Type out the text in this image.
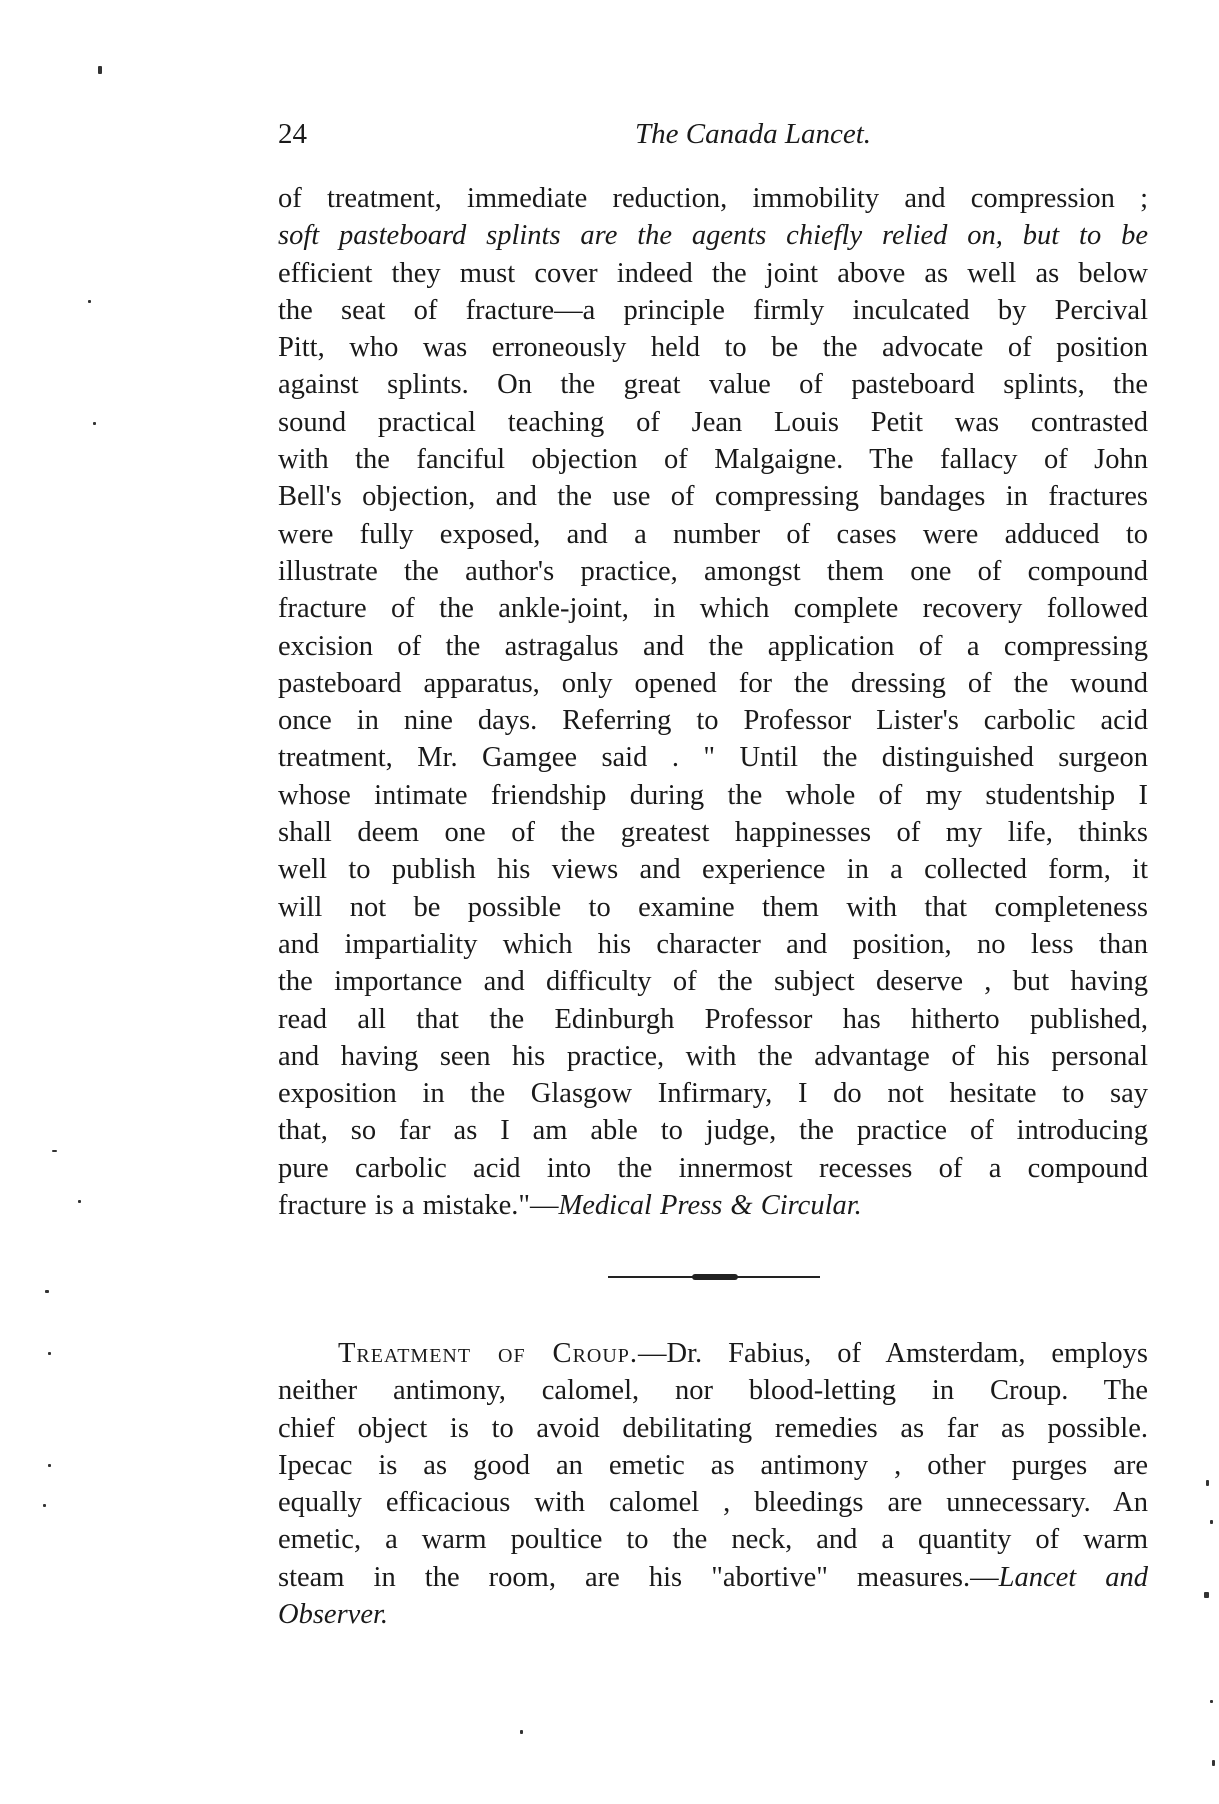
24	The Canada Lancet.
of treatment, immediate reduction, immobility and compression ;
soft pasteboard splints are the agents chiefly relied on, but to be
efficient they must cover indeed the joint above as well as below
the seat of fracture—a principle firmly inculcated by Percival
Pitt, who was erroneously held to be the advocate of position
against splints. On the great value of pasteboard splints, the
sound practical teaching of Jean Louis Petit was contrasted
with the fanciful objection of Malgaigne. The fallacy of John
Bell's objection, and the use of compressing bandages in fractures
were fully exposed, and a number of cases were adduced to
illustrate the author's practice, amongst them one of compound
fracture of the ankle-joint, in which complete recovery followed
excision of the astragalus and the application of a compressing
pasteboard apparatus, only opened for the dressing of the wound
once in nine days. Referring to Professor Lister's carbolic acid
treatment, Mr. Gamgee said . " Until the distinguished surgeon
whose intimate friendship during the whole of my studentship I
shall deem one of the greatest happinesses of my life, thinks
well to publish his views and experience in a collected form, it
will not be possible to examine them with that completeness
and impartiality which his character and position, no less than
the importance and difficulty of the subject deserve , but having
read all that the Edinburgh Professor has hitherto published,
and having seen his practice, with the advantage of his personal
exposition in the Glasgow Infirmary, I do not hesitate to say
that, so far as I am able to judge, the practice of introducing
pure carbolic acid into the innermost recesses of a compound
fracture is a mistake."—Medical Press & Circular.
Treatment of Croup.—Dr. Fabius, of Amsterdam, employs
neither antimony, calomel, nor blood-letting in Croup. The
chief object is to avoid debilitating remedies as far as possible.
Ipecac is as good an emetic as antimony , other purges are
equally efficacious with calomel , bleedings are unnecessary. An
emetic, a warm poultice to the neck, and a quantity of warm
steam in the room, are his "abortive" measures.—Lancet and
Observer.
